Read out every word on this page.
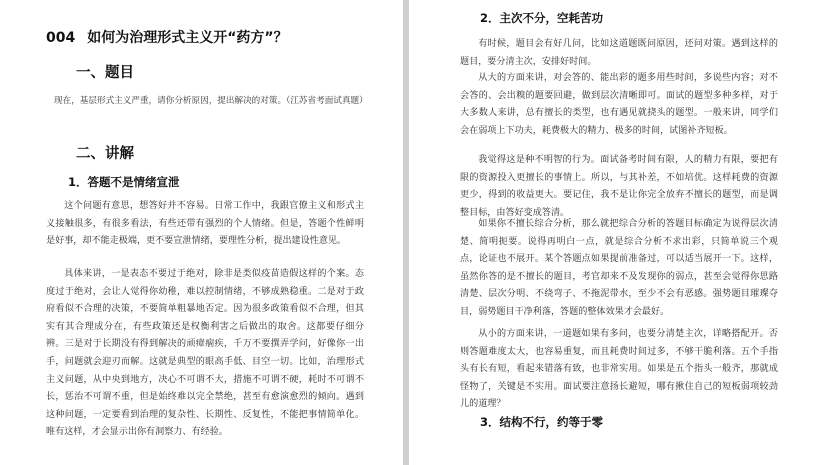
004 如何为治理形式主义开“药方”？
一、题目

现在，基层形式主义严重，请你分析原因，提出解决的对策。（江苏省考面试真题）

二、讲解
1．答题不是情绪宣泄

这个问题有意思，想答好并不容易。日常工作中，我跟官僚主义和形式主义接触很多，有很多看法，有些还带有强烈的个人情绪。但是，答题个性鲜明是好事，却不能走极端，更不要宣泄情绪，要理性分析，提出建设性意见。

具体来讲，一是表态不要过于绝对，除非是类似疫苗造假这样的个案。态度过于绝对，会让人觉得你幼稚，难以控制情绪，不够成熟稳重。二是对于政府看似不合理的决策，不要简单粗暴地否定。因为很多政策看似不合理，但其实有其合理成分在，有些政策还是权衡利害之后做出的取舍。这都要仔细分辨。三是对于长期没有得到解决的顽瘴痼疾，千万不要撰弄学问，好像你一出手，问题就会迎刃而解。这就是典型的眼高手低、目空一切。比如，治理形式主义问题，从中央到地方，决心不可谓不大，措施不可谓不硬，耗时不可谓不长，惩治不可谓不重，但是始终难以完全禁绝，甚至有愈演愈烈的倾向。遇到这种问题，一定要看到治理的复杂性、长期性、反复性，不能把事情简单化。唯有这样，才会显示出你有洞察力、有经验。

2．主次不分，空耗苦功

有时候，题目会有好几问，比如这道题既问原因，还问对策。遇到这样的题目，要分清主次，安排好时间。

从大的方面来讲，对会答的、能出彩的题多用些时间，多说些内容；对不会答的、会出糗的题要回避，做到层次清晰即可。面试的题型多种多样，对于大多数人来讲，总有擅长的类型，也有遇见就挠头的题型。一般来讲，同学们会在弱项上下功夫，耗费极大的精力、极多的时间，试图补齐短板。

我觉得这是种不明智的行为。面试备考时间有限，人的精力有限，要把有限的资源投入更擅长的事情上。所以，与其补差，不如培优。这样耗费的资源更少，得到的收益更大。要记住，我不是让你完全放弃不擅长的题型，而是调整目标，由答好变成答清。

如果你不擅长综合分析，那么就把综合分析的答题目标确定为说得层次清楚、简明扼要。说得再明白一点，就是综合分析不求出彩，只简单说三个观点，论证也不展开。某个答题点如果提前准备过，可以适当展开一下。这样，虽然你答的是不擅长的题目，考官却来不及发现你的弱点，甚至会觉得你思路清楚、层次分明、不绕弯子、不拖泥带水，至少不会有恶感。强势题目璀璨夺目，弱势题目干净利落，答题的整体效果才会最好。

从小的方面来讲，一道题如果有多问，也要分清楚主次，详略搭配开。否则答题难度太大，也容易重复，而且耗费时间过多，不够干脆利落。五个手指头有长有短，看起来错落有致，也非常实用。如果是五个指头一般齐，那就成怪物了，关键是不实用。面试要注意扬长避短，哪有揪住自己的短板弱项较劲儿的道理？

3．结构不行，约等于零
